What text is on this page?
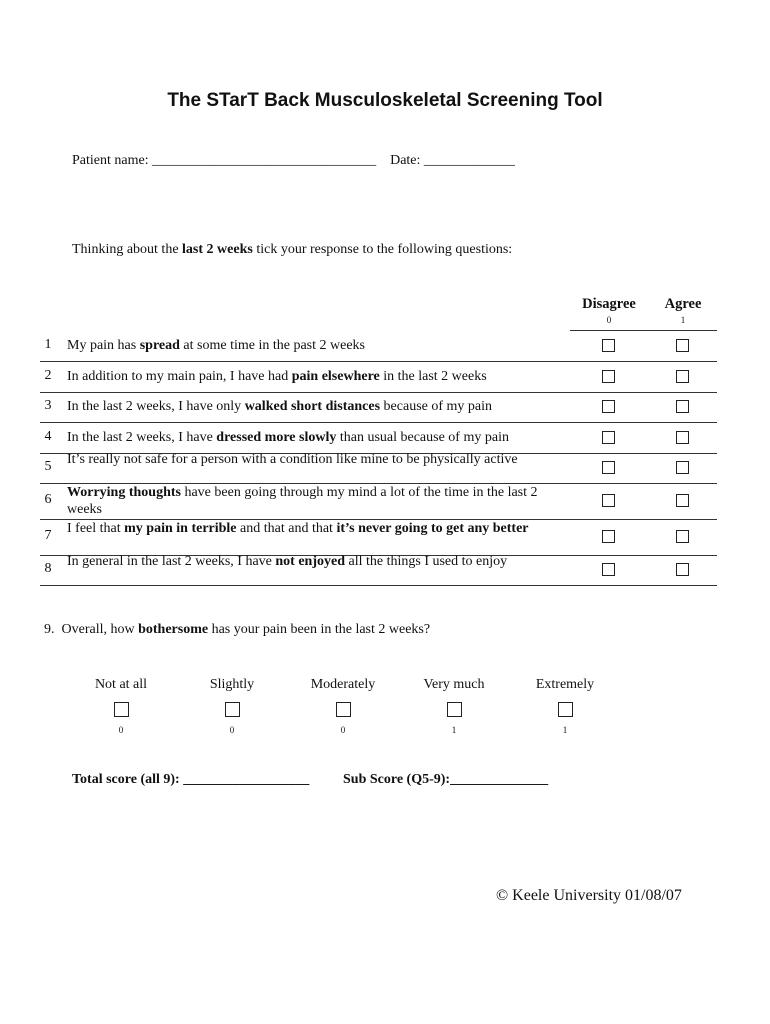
The STarT Back Musculoskeletal Screening Tool
Patient name: ________________________________ Date: _____________
Thinking about the last 2 weeks tick your response to the following questions:
Disagree
0
Agree
1
1	My pain has spread at some time in the past 2 weeks
2	In addition to my main pain, I have had pain elsewhere in the last 2 weeks
3	In the last 2 weeks, I have only walked short distances because of my pain
4	In the last 2 weeks, I have dressed more slowly than usual because of my pain
5	It’s really not safe for a person with a condition like mine to be physically active
6	Worrying thoughts have been going through my mind a lot of the time in the last 2 weeks
7	I feel that my pain in terrible and that and that it’s never going to get any better
8	In general in the last 2 weeks, I have not enjoyed all the things I used to enjoy
9.  Overall, how bothersome has your pain been in the last 2 weeks?
Not at all
0
Slightly
0
Moderately
0
Very much
1
Extremely
1
Total score (all 9): __________________ Sub Score (Q5-9):______________
© Keele University 01/08/07
